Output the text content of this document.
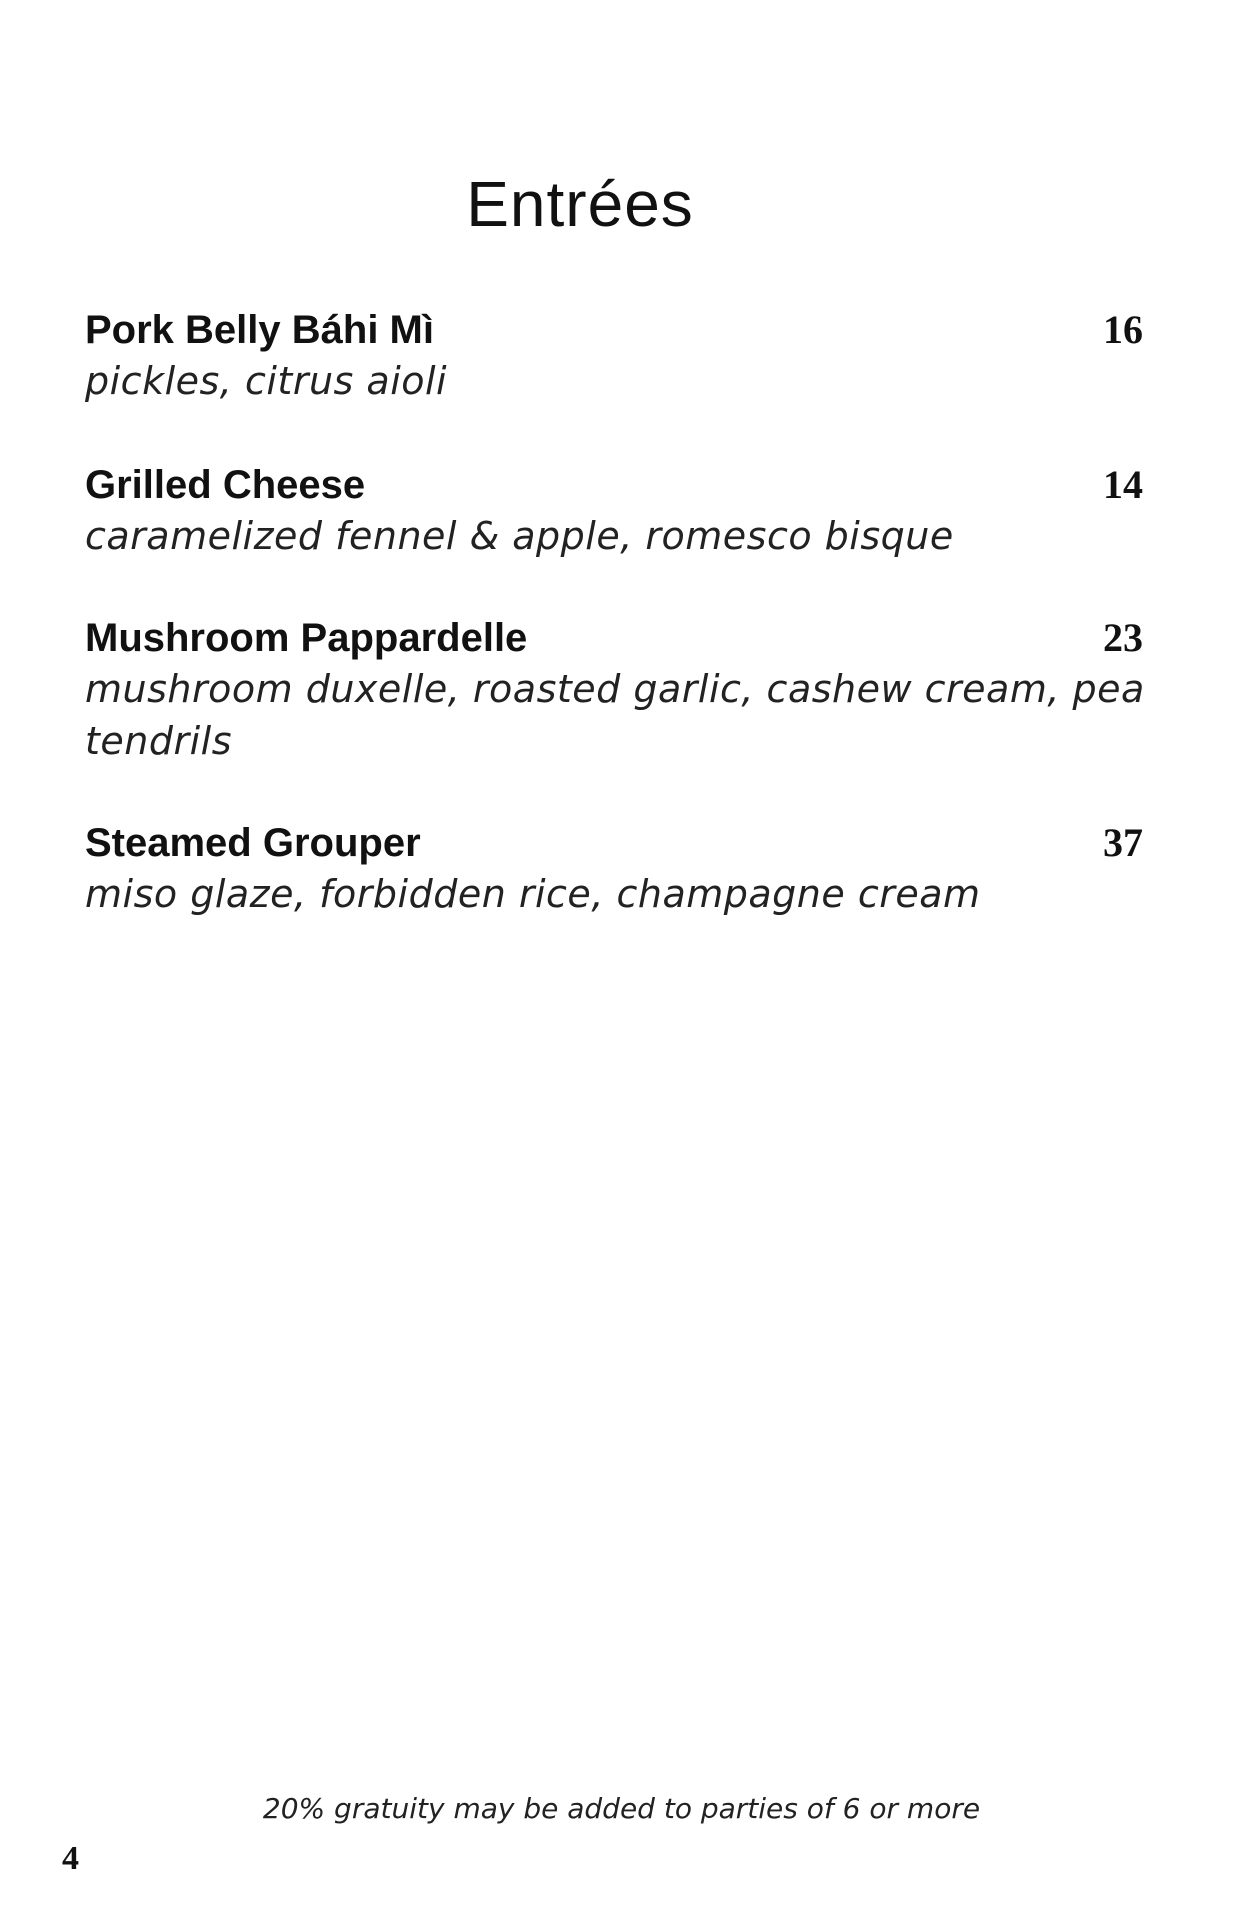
Entrées
Pork Belly Báhi Mì	16
pickles, citrus aioli
Grilled Cheese	14
caramelized fennel & apple, romesco bisque
Mushroom Pappardelle	23
mushroom duxelle, roasted garlic, cashew cream, pea tendrils
Steamed Grouper	37
miso glaze, forbidden rice, champagne cream
20% gratuity may be added to parties of 6 or more
4
